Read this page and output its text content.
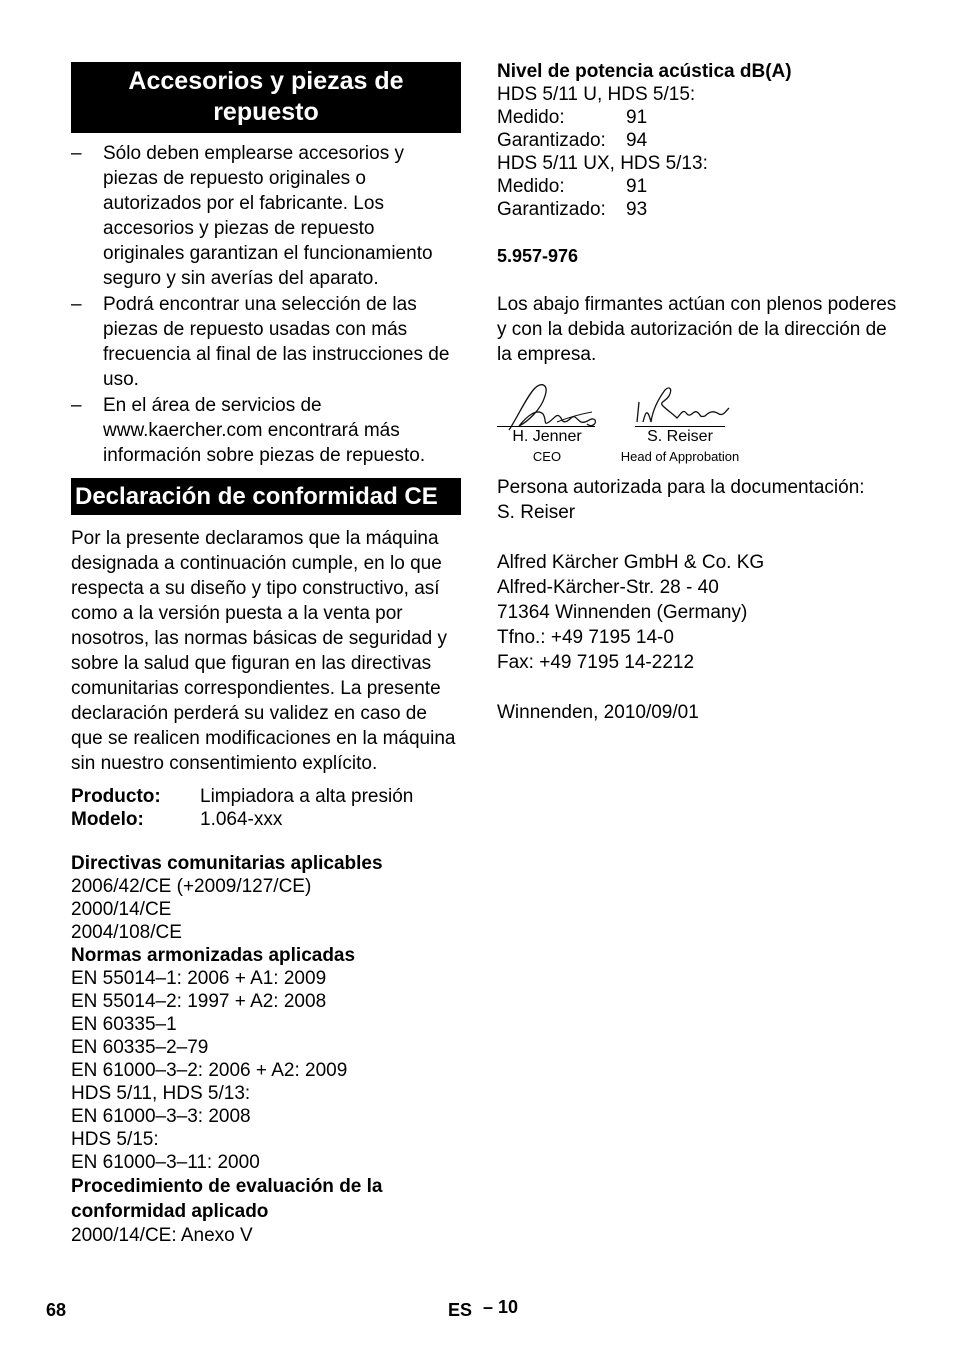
Accesorios y piezas de repuesto
– Sólo deben emplearse accesorios y piezas de repuesto originales o autorizados por el fabricante. Los accesorios y piezas de repuesto originales garantizan el funcionamiento seguro y sin averías del aparato.
– Podrá encontrar una selección de las piezas de repuesto usadas con más frecuencia al final de las instrucciones de uso.
– En el área de servicios de www.kaercher.com encontrará más información sobre piezas de repuesto.
Declaración de conformidad CE

Por la presente declaramos que la máquina designada a continuación cumple, en lo que respecta a su diseño y tipo constructivo, así como a la versión puesta a la venta por nosotros, las normas básicas de seguridad y sobre la salud que figuran en las directivas comunitarias correspondientes. La presente declaración perderá su validez en caso de que se realicen modificaciones en la máquina sin nuestro consentimiento explícito.

Producto:	Limpiadora a alta presión
Modelo:	1.064-xxx
Directivas comunitarias aplicables
2006/42/CE (+2009/127/CE)
2000/14/CE
2004/108/CE
Normas armonizadas aplicadas
EN 55014–1: 2006 + A1: 2009
EN 55014–2: 1997 + A2: 2008
EN 60335–1
EN 60335–2–79
EN 61000–3–2: 2006 + A2: 2009
HDS 5/11, HDS 5/13:
EN 61000–3–3: 2008
HDS 5/15:
EN 61000–3–11: 2000
Procedimiento de evaluación de la conformidad aplicado
2000/14/CE: Anexo V
Nivel de potencia acústica dB(A)
HDS 5/11 U, HDS 5/15:
Medido:	91
Garantizado:	94
HDS 5/11 UX, HDS 5/13:
Medido:	91
Garantizado:	93
5.957-976

Los abajo firmantes actúan con plenos poderes y con la debida autorización de la dirección de la empresa.

H. Jenner
CEO
S. Reiser
Head of Approbation
Persona autorizada para la documentación:
S. Reiser
Alfred Kärcher GmbH & Co. KG
Alfred-Kärcher-Str. 28 - 40
71364 Winnenden (Germany)
Tfno.: +49 7195 14-0
Fax: +49 7195 14-2212
Winnenden, 2010/09/01
68	ES – 10
